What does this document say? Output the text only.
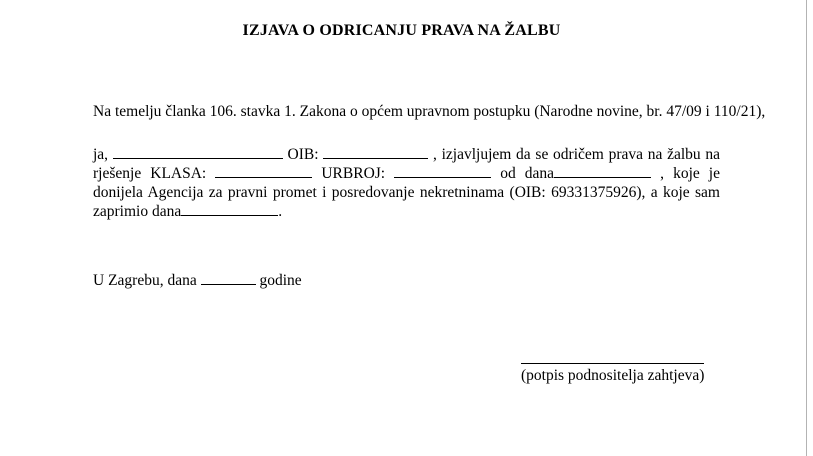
IZJAVA O ODRICANJU PRAVA NA ŽALBU
Na temelju članka 106. stavka 1. Zakona o općem upravnom postupku (Narodne novine, br. 47/09 i 110/21),
ja,	OIB:	, izjavljujem da se odričem prava na žalbu na rješenje KLASA:	URBROJ:	od dana	, koje je donijela Agencija za pravni promet i posredovanje nekretninama (OIB: 69331375926), a koje sam zaprimio dana	.
U Zagrebu, dana	godine
(potpis podnositelja zahtjeva)
